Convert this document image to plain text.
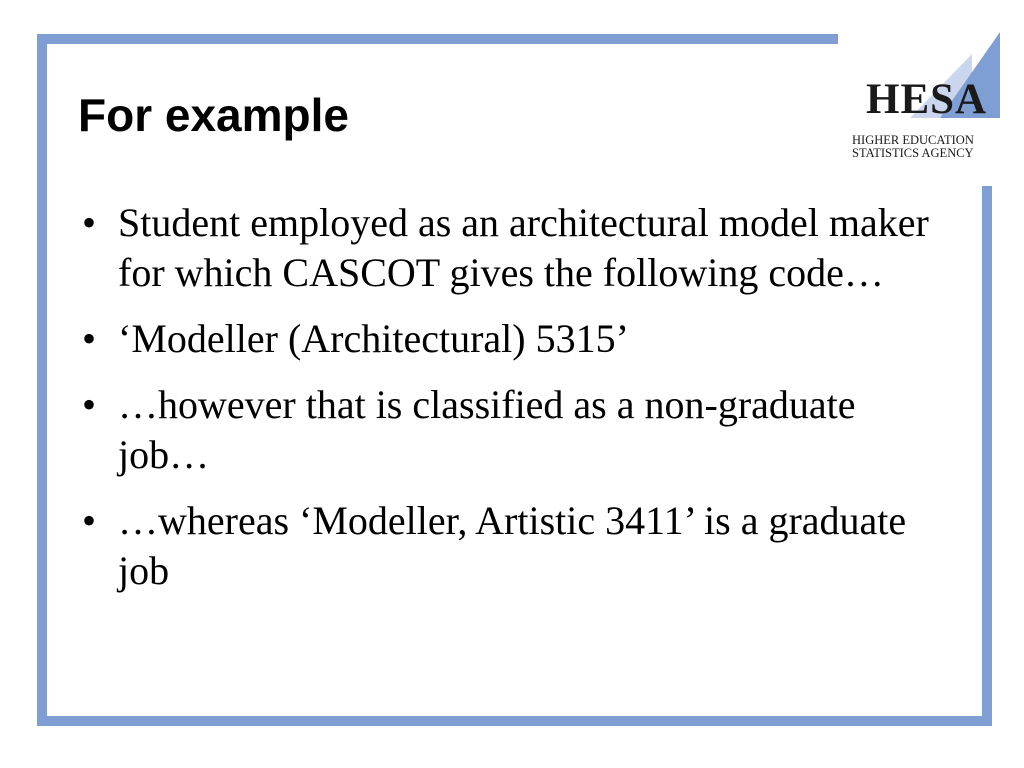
HESA
HIGHER EDUCATION
STATISTICS AGENCY
For example
• Student employed as an architectural model maker for which CASCOT gives the following code…
• ‘Modeller (Architectural) 5315’
• …however that is classified as a non-graduate job…
• …whereas ‘Modeller, Artistic 3411’ is a graduate job
